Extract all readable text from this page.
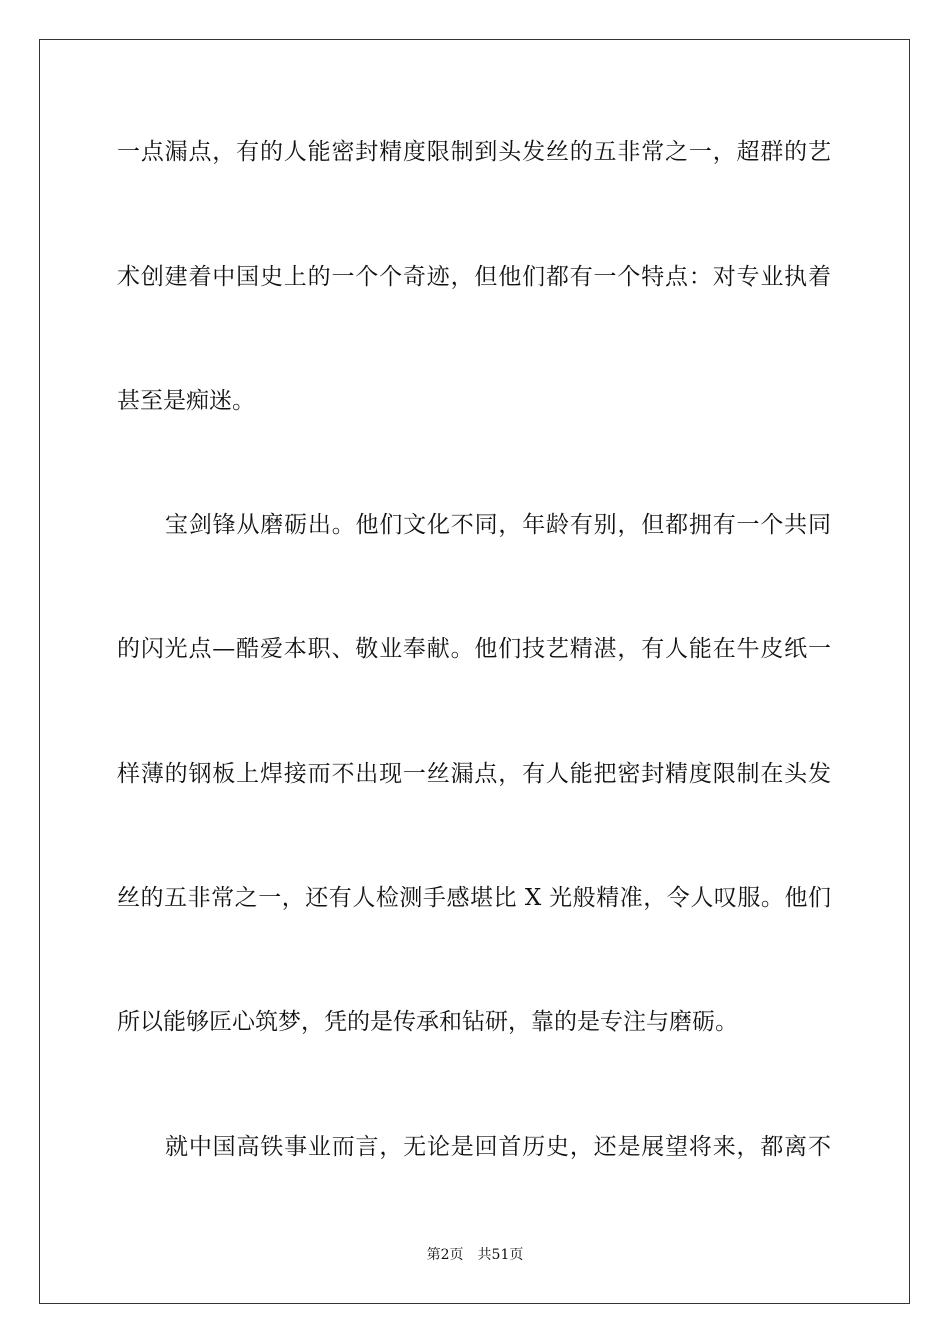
一点漏点，有的人能密封精度限制到头发丝的五非常之一，超群的艺
术创建着中国史上的一个个奇迹，但他们都有一个特点：对专业执着
甚至是痴迷。
宝剑锋从磨砺出。他们文化不同，年龄有别，但都拥有一个共同
的闪光点—酷爱本职、敬业奉献。他们技艺精湛，有人能在牛皮纸一
样薄的钢板上焊接而不出现一丝漏点，有人能把密封精度限制在头发
丝的五非常之一，还有人检测手感堪比 X 光般精准，令人叹服。他们
所以能够匠心筑梦，凭的是传承和钻研，靠的是专注与磨砺。
就中国高铁事业而言，无论是回首历史，还是展望将来，都离不
第2页 共51页
